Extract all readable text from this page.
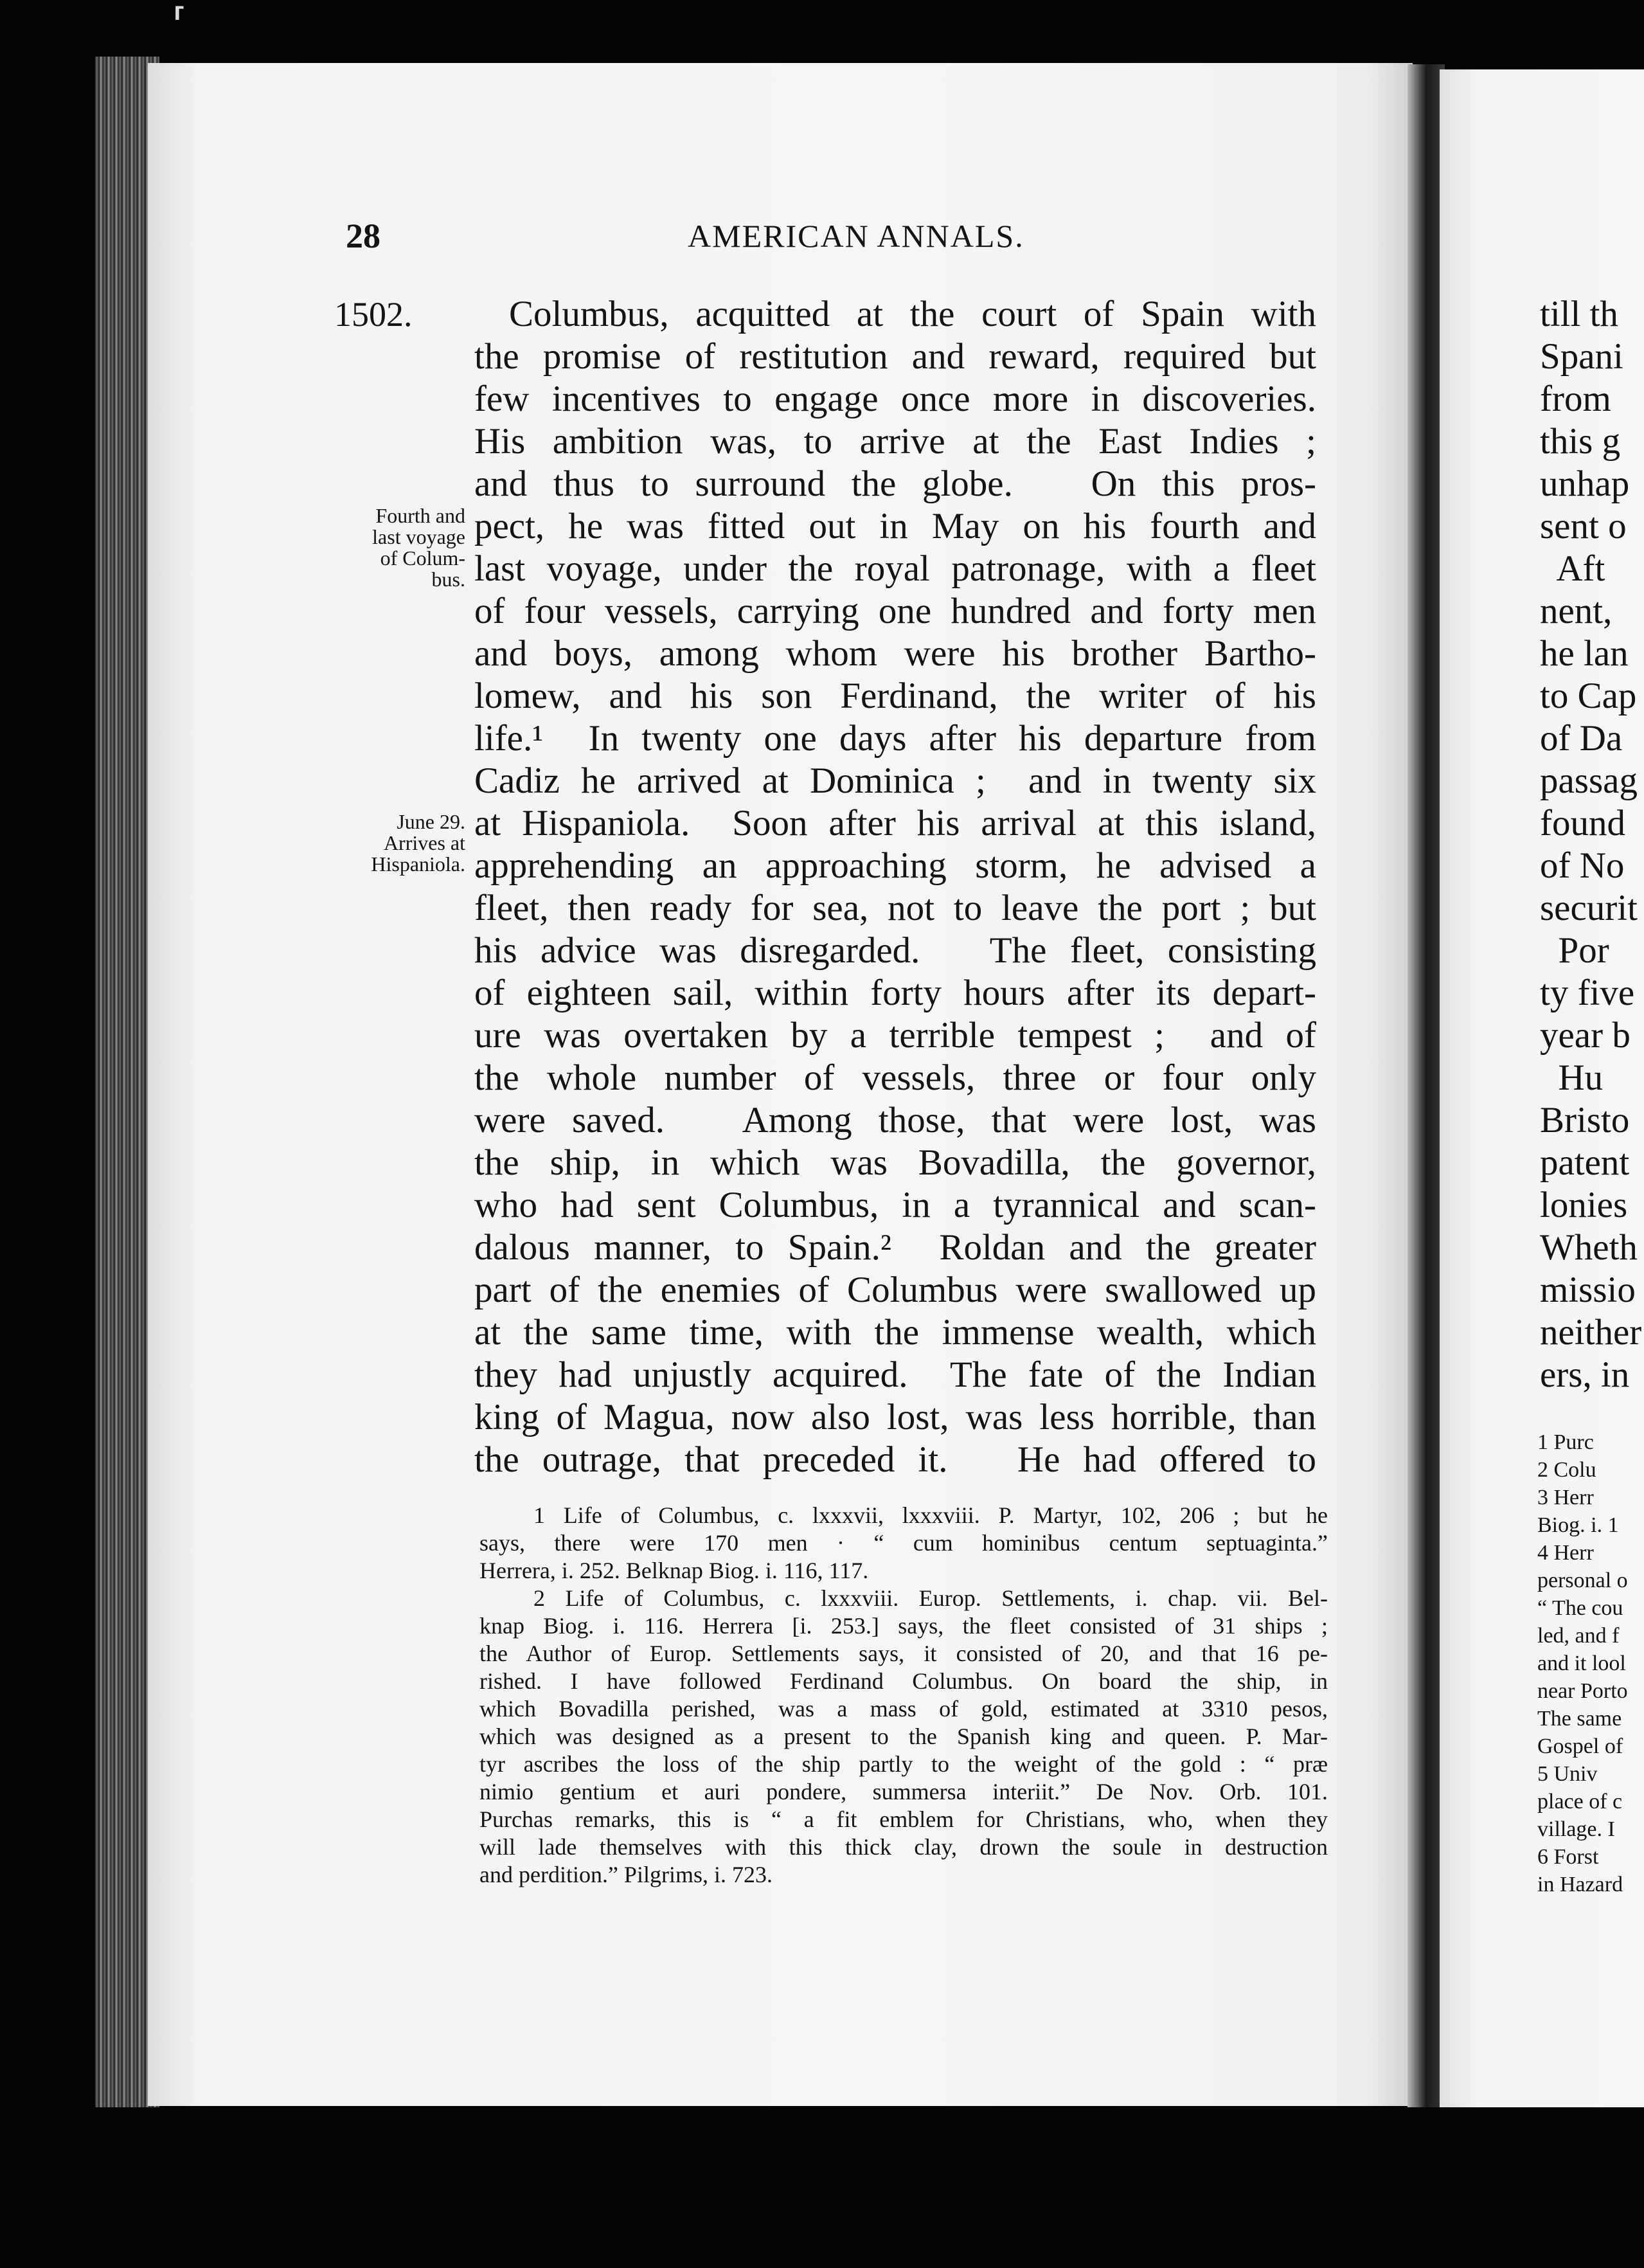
⸢
28	AMERICAN ANNALS.
1502.
Fourth and
last voyage
of Colum-
bus.
June 29.
Arrives at
Hispaniola.
Columbus, acquitted at the court of Spain with
the promise of restitution and reward, required but
few incentives to engage once more in discoveries.
His ambition was, to arrive at the East Indies ;
and thus to surround the globe.   On this pros-
pect, he was fitted out in May on his fourth and
last voyage, under the royal patronage, with a fleet
of four vessels, carrying one hundred and forty men
and boys, among whom were his brother Bartho-
lomew, and his son Ferdinand, the writer of his
life.¹  In twenty one days after his departure from
Cadiz he arrived at Dominica ;  and in twenty six
at Hispaniola.  Soon after his arrival at this island,
apprehending an approaching storm, he advised a
fleet, then ready for sea, not to leave the port ; but
his advice was disregarded.   The fleet, consisting
of eighteen sail, within forty hours after its depart-
ure was overtaken by a terrible tempest ;  and of
the whole number of vessels, three or four only
were saved.   Among those, that were lost, was
the ship, in which was Bovadilla, the governor,
who had sent Columbus, in a tyrannical and scan-
dalous manner, to Spain.²  Roldan and the greater
part of the enemies of Columbus were swallowed up
at the same time, with the immense wealth, which
they had unjustly acquired.  The fate of the Indian
king of Magua, now also lost, was less horrible, than
the outrage, that preceded it.   He had offered to
1 Life of Columbus, c. lxxxvii, lxxxviii. P. Martyr, 102, 206 ; but he
says, there were 170 men · “ cum hominibus centum septuaginta.”
Herrera, i. 252. Belknap Biog. i. 116, 117.
2 Life of Columbus, c. lxxxviii. Europ. Settlements, i. chap. vii. Bel-
knap Biog. i. 116. Herrera [i. 253.] says, the fleet consisted of 31 ships ;
the Author of Europ. Settlements says, it consisted of 20, and that 16 pe-
rished. I have followed Ferdinand Columbus. On board the ship, in
which Bovadilla perished, was a mass of gold, estimated at 3310 pesos,
which was designed as a present to the Spanish king and queen. P. Mar-
tyr ascribes the loss of the ship partly to the weight of the gold : “ præ
nimio gentium et auri pondere, summersa interiit.” De Nov. Orb. 101.
Purchas remarks, this is “ a fit emblem for Christians, who, when they
will lade themselves with this thick clay, drown the soule in destruction
and perdition.” Pilgrims, i. 723.
till th
Spani
from
this g
unhap
sent o
Aft
nent,
he lan
to Cap
of Da
passag
found
of No
securit
Por
ty five
year b
Hu
Bristo
patent
lonies
Wheth
missio
neither
ers, in
1 Purc
2 Colu
3 Herr
Biog. i. 1
4 Herr
personal o
“ The cou
led, and f
and it lool
near Porto
The same
Gospel of
5 Univ
place of c
village. I
6 Forst
in Hazard
